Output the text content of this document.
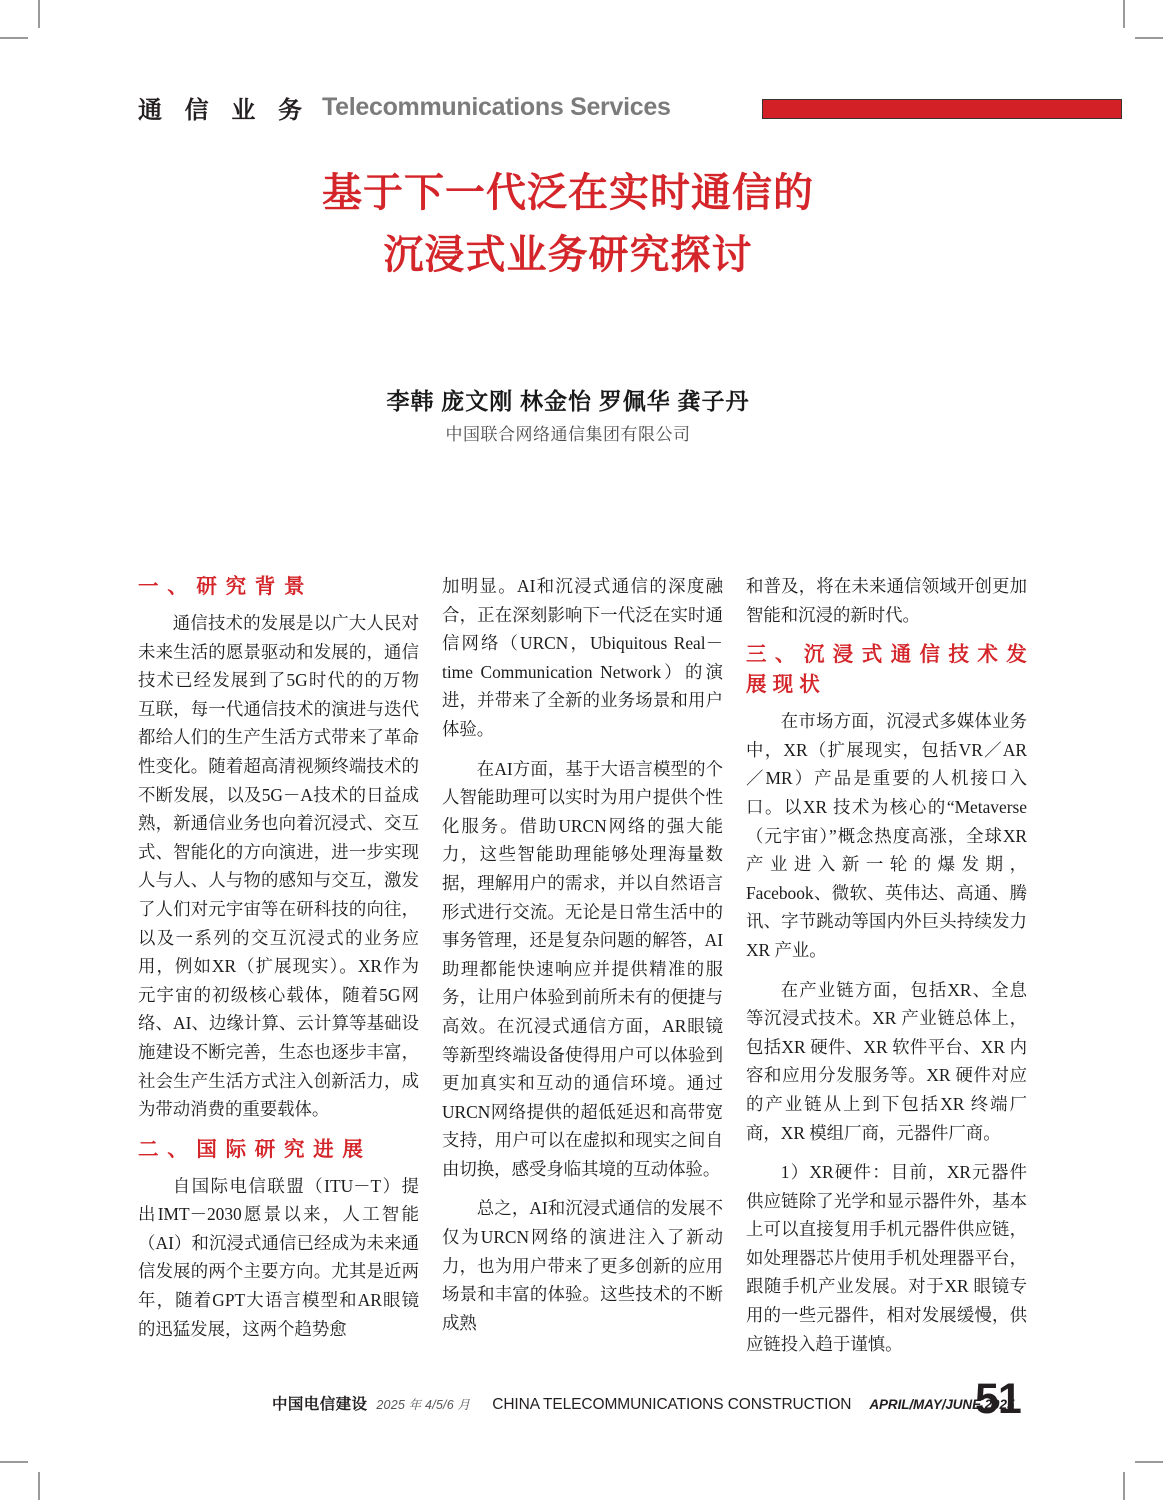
通 信 业 务 Telecommunications Services
基于下一代泛在实时通信的
沉浸式业务研究探讨
李韩 庞文刚 林金怡 罗佩华 龚子丹
中国联合网络通信集团有限公司
一 、 研 究 背 景

通信技术的发展是以广大人民对未来生活的愿景驱动和发展的，通信技术已经发展到了5G时代的的万物互联，每一代通信技术的演进与迭代都给人们的生产生活方式带来了革命性变化。随着超高清视频终端技术的不断发展，以及5G－A技术的日益成熟，新通信业务也向着沉浸式、交互式、智能化的方向演进，进一步实现人与人、人与物的感知与交互，激发了人们对元宇宙等在研科技的向往，以及一系列的交互沉浸式的业务应用，例如XR（扩展现实）。XR作为元宇宙的初级核心载体，随着5G网络、AI、边缘计算、云计算等基础设施建设不断完善，生态也逐步丰富，社会生产生活方式注入创新活力，成为带动消费的重要载体。

二 、 国 际 研 究 进 展

自国际电信联盟（ITU－T）提出IMT－2030愿景以来，人工智能（AI）和沉浸式通信已经成为未来通信发展的两个主要方向。尤其是近两年，随着GPT大语言模型和AR眼镜的迅猛发展，这两个趋势愈

加明显。AI和沉浸式通信的深度融合，正在深刻影响下一代泛在实时通信网络（URCN，Ubiquitous Real－time Communication Network）的演进，并带来了全新的业务场景和用户体验。

在AI方面，基于大语言模型的个人智能助理可以实时为用户提供个性化服务。借助URCN网络的强大能力，这些智能助理能够处理海量数据，理解用户的需求，并以自然语言形式进行交流。无论是日常生活中的事务管理，还是复杂问题的解答，AI助理都能快速响应并提供精准的服务，让用户体验到前所未有的便捷与高效。在沉浸式通信方面，AR眼镜等新型终端设备使得用户可以体验到更加真实和互动的通信环境。通过URCN网络提供的超低延迟和高带宽支持，用户可以在虚拟和现实之间自由切换，感受身临其境的互动体验。

总之，AI和沉浸式通信的发展不仅为URCN网络的演进注入了新动力，也为用户带来了更多创新的应用场景和丰富的体验。这些技术的不断成熟

和普及，将在未来通信领域开创更加智能和沉浸的新时代。

三 、 沉 浸 式 通 信 技 术 发 展 现 状

在市场方面，沉浸式多媒体业务中，XR（扩展现实，包括VR／AR／MR）产品是重要的人机接口入口。以XR 技术为核心的“Metaverse（元宇宙）”概念热度高涨，全球XR 产业进入新一轮的爆发期，Facebook、微软、英伟达、高通、腾讯、字节跳动等国内外巨头持续发力XR 产业。

在产业链方面，包括XR、全息等沉浸式技术。XR 产业链总体上，包括XR 硬件、XR 软件平台、XR 内容和应用分发服务等。XR 硬件对应的产业链从上到下包括XR 终端厂商，XR 模组厂商，元器件厂商。

1）XR硬件：目前，XR元器件供应链除了光学和显示器件外，基本上可以直接复用手机元器件供应链，如处理器芯片使用手机处理器平台，跟随手机产业发展。对于XR 眼镜专用的一些元器件，相对发展缓慢，供应链投入趋于谨慎。

中国电信建设 2025 年 4/5/6 月 CHINA TELECOMMUNICATIONS CONSTRUCTION APRIL/MAY/JUNE 2025
51
